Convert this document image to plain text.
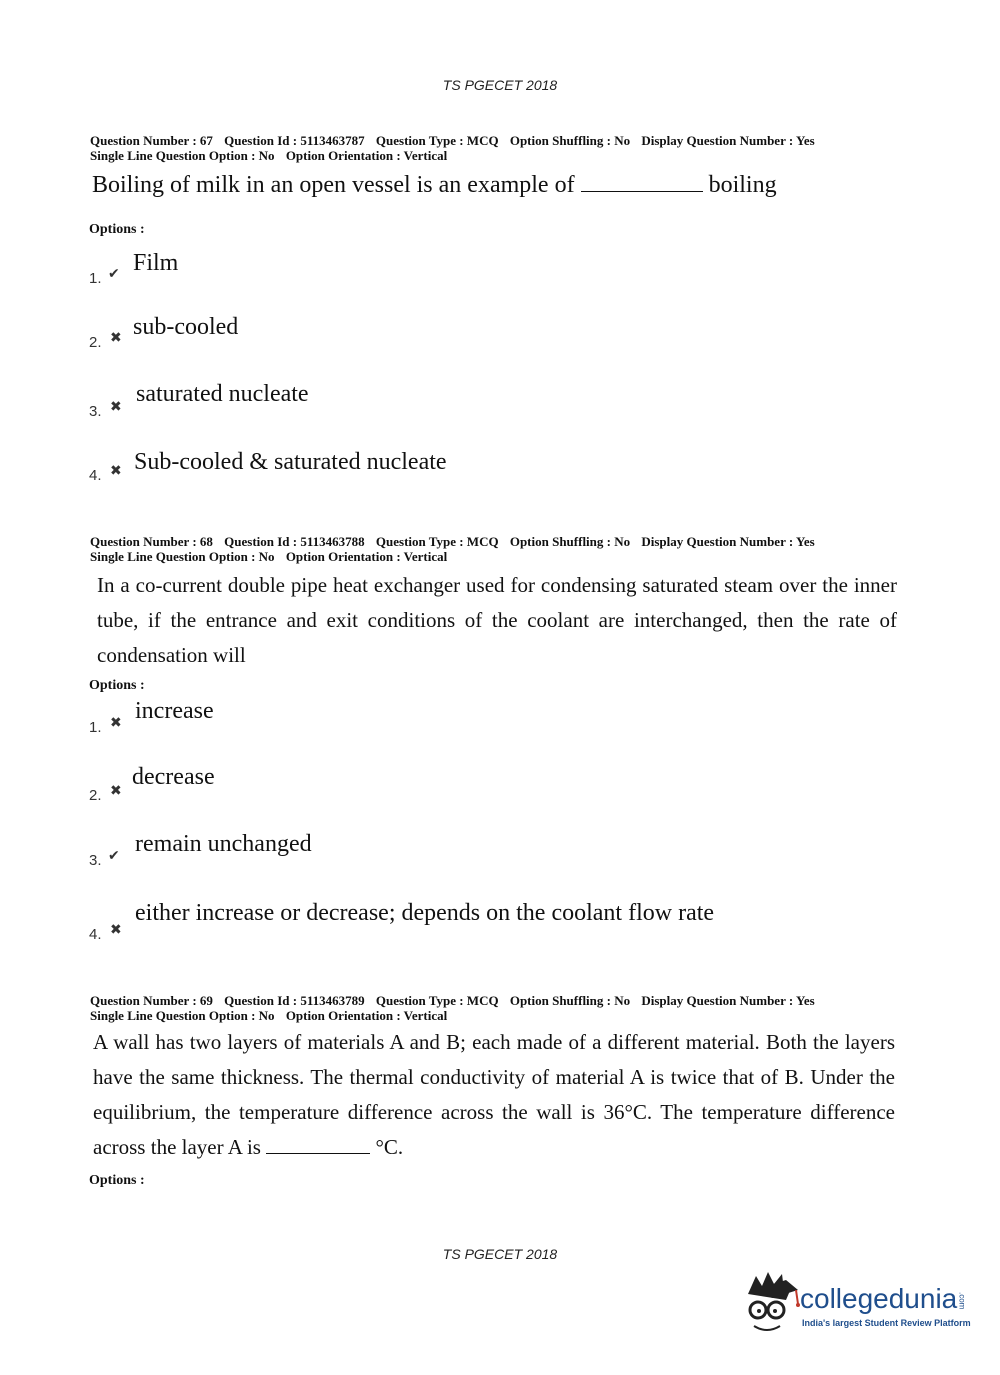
TS PGECET 2018
Question Number : 67 Question Id : 5113463787 Question Type : MCQ Option Shuffling : No Display Question Number : Yes
Single Line Question Option : No Option Orientation : Vertical
Boiling of milk in an open vessel is an example of	boiling
Options :
1. ✔ Film
2. ✖ sub-cooled
3. ✖ saturated nucleate
4. ✖ Sub-cooled & saturated nucleate
Question Number : 68 Question Id : 5113463788 Question Type : MCQ Option Shuffling : No Display Question Number : Yes
Single Line Question Option : No Option Orientation : Vertical
In a co-current double pipe heat exchanger used for condensing saturated steam over the inner tube, if the entrance and exit conditions of the coolant are interchanged, then the rate of condensation will
Options :
1. ✖ increase
2. ✖
decrease
3. ✔ remain unchanged
4. ✖
either increase or decrease; depends on the coolant flow rate
Question Number : 69 Question Id : 5113463789 Question Type : MCQ Option Shuffling : No Display Question Number : Yes
Single Line Question Option : No Option Orientation : Vertical
A wall has two layers of materials A and B; each made of a different material. Both the layers have the same thickness. The thermal conductivity of material A is twice that of B. Under the equilibrium, the temperature difference across the wall is 36°C. The temperature difference across the layer A is	°C.
Options :
TS PGECET 2018
collegedunia.com
India's largest Student Review Platform
